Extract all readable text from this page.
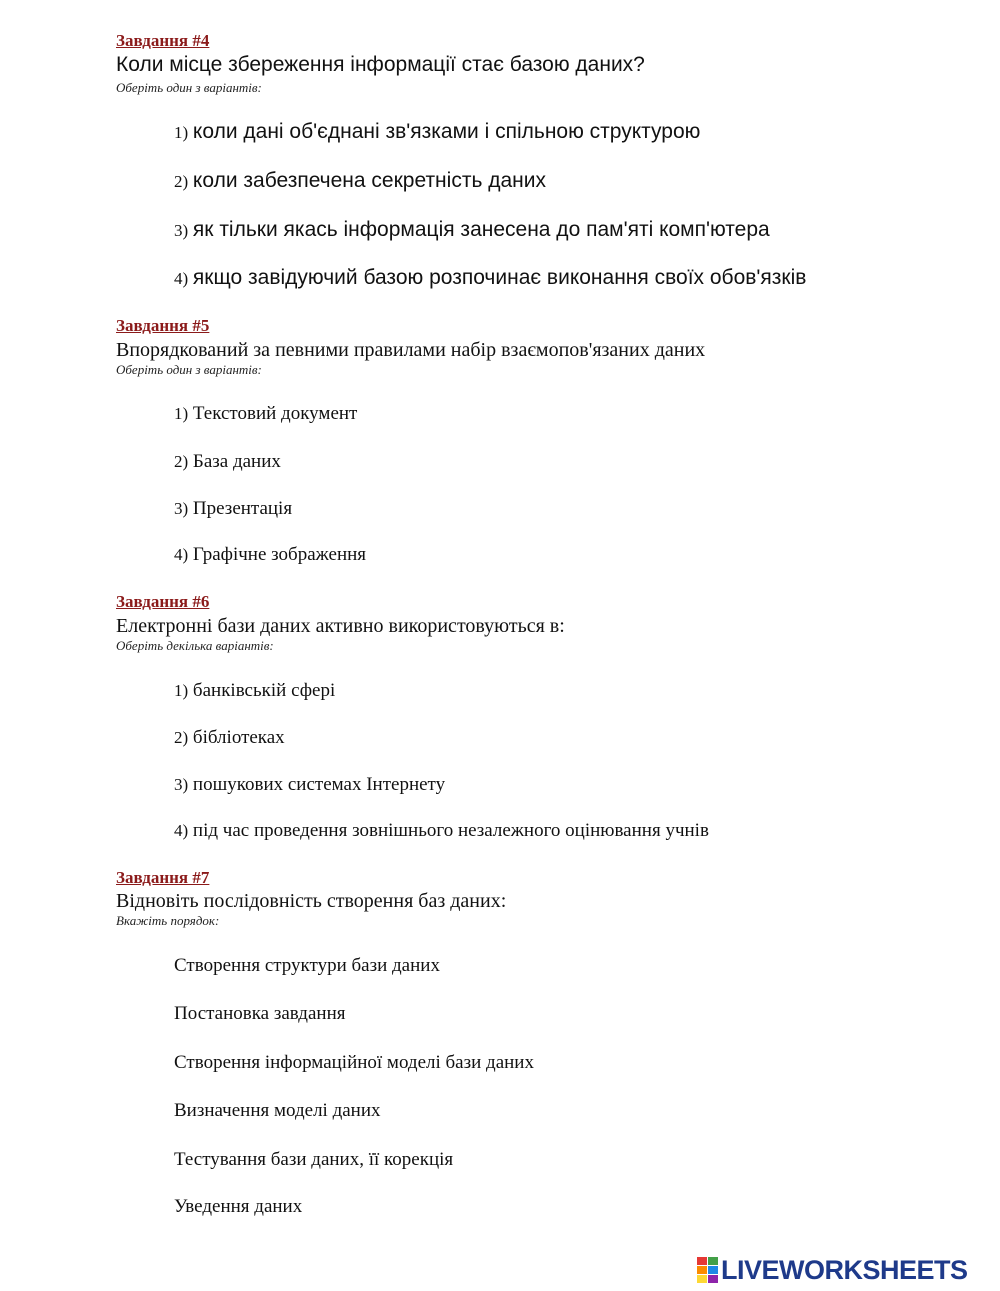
Завдання #4
Коли місце збереження інформації стає базою даних?
Оберіть один з варіантів:
1) коли дані об'єднані зв'язками і спільною структурою
2) коли забезпечена секретність даних
3) як тільки якась інформація занесена до пам'яті комп'ютера
4) якщо завідуючий базою розпочинає виконання своїх обов'язків
Завдання #5
Впорядкований за певними правилами набір взаємопов'язаних даних
Оберіть один з варіантів:
1) Текстовий документ
2) База даних
3) Презентація
4) Графічне зображення
Завдання #6
Електронні бази даних активно використовуються в:
Оберіть декілька варіантів:
1) банківській сфері
2) бібліотеках
3) пошукових системах Інтернету
4) під час проведення зовнішнього незалежного оцінювання учнів
Завдання #7
Відновіть послідовність створення баз даних:
Вкажіть порядок:
Створення структури бази даних
Постановка завдання
Створення інформаційної моделі бази даних
Визначення моделі даних
Тестування бази даних, її корекція
Уведення даних
LIVEWORKSHEETS
